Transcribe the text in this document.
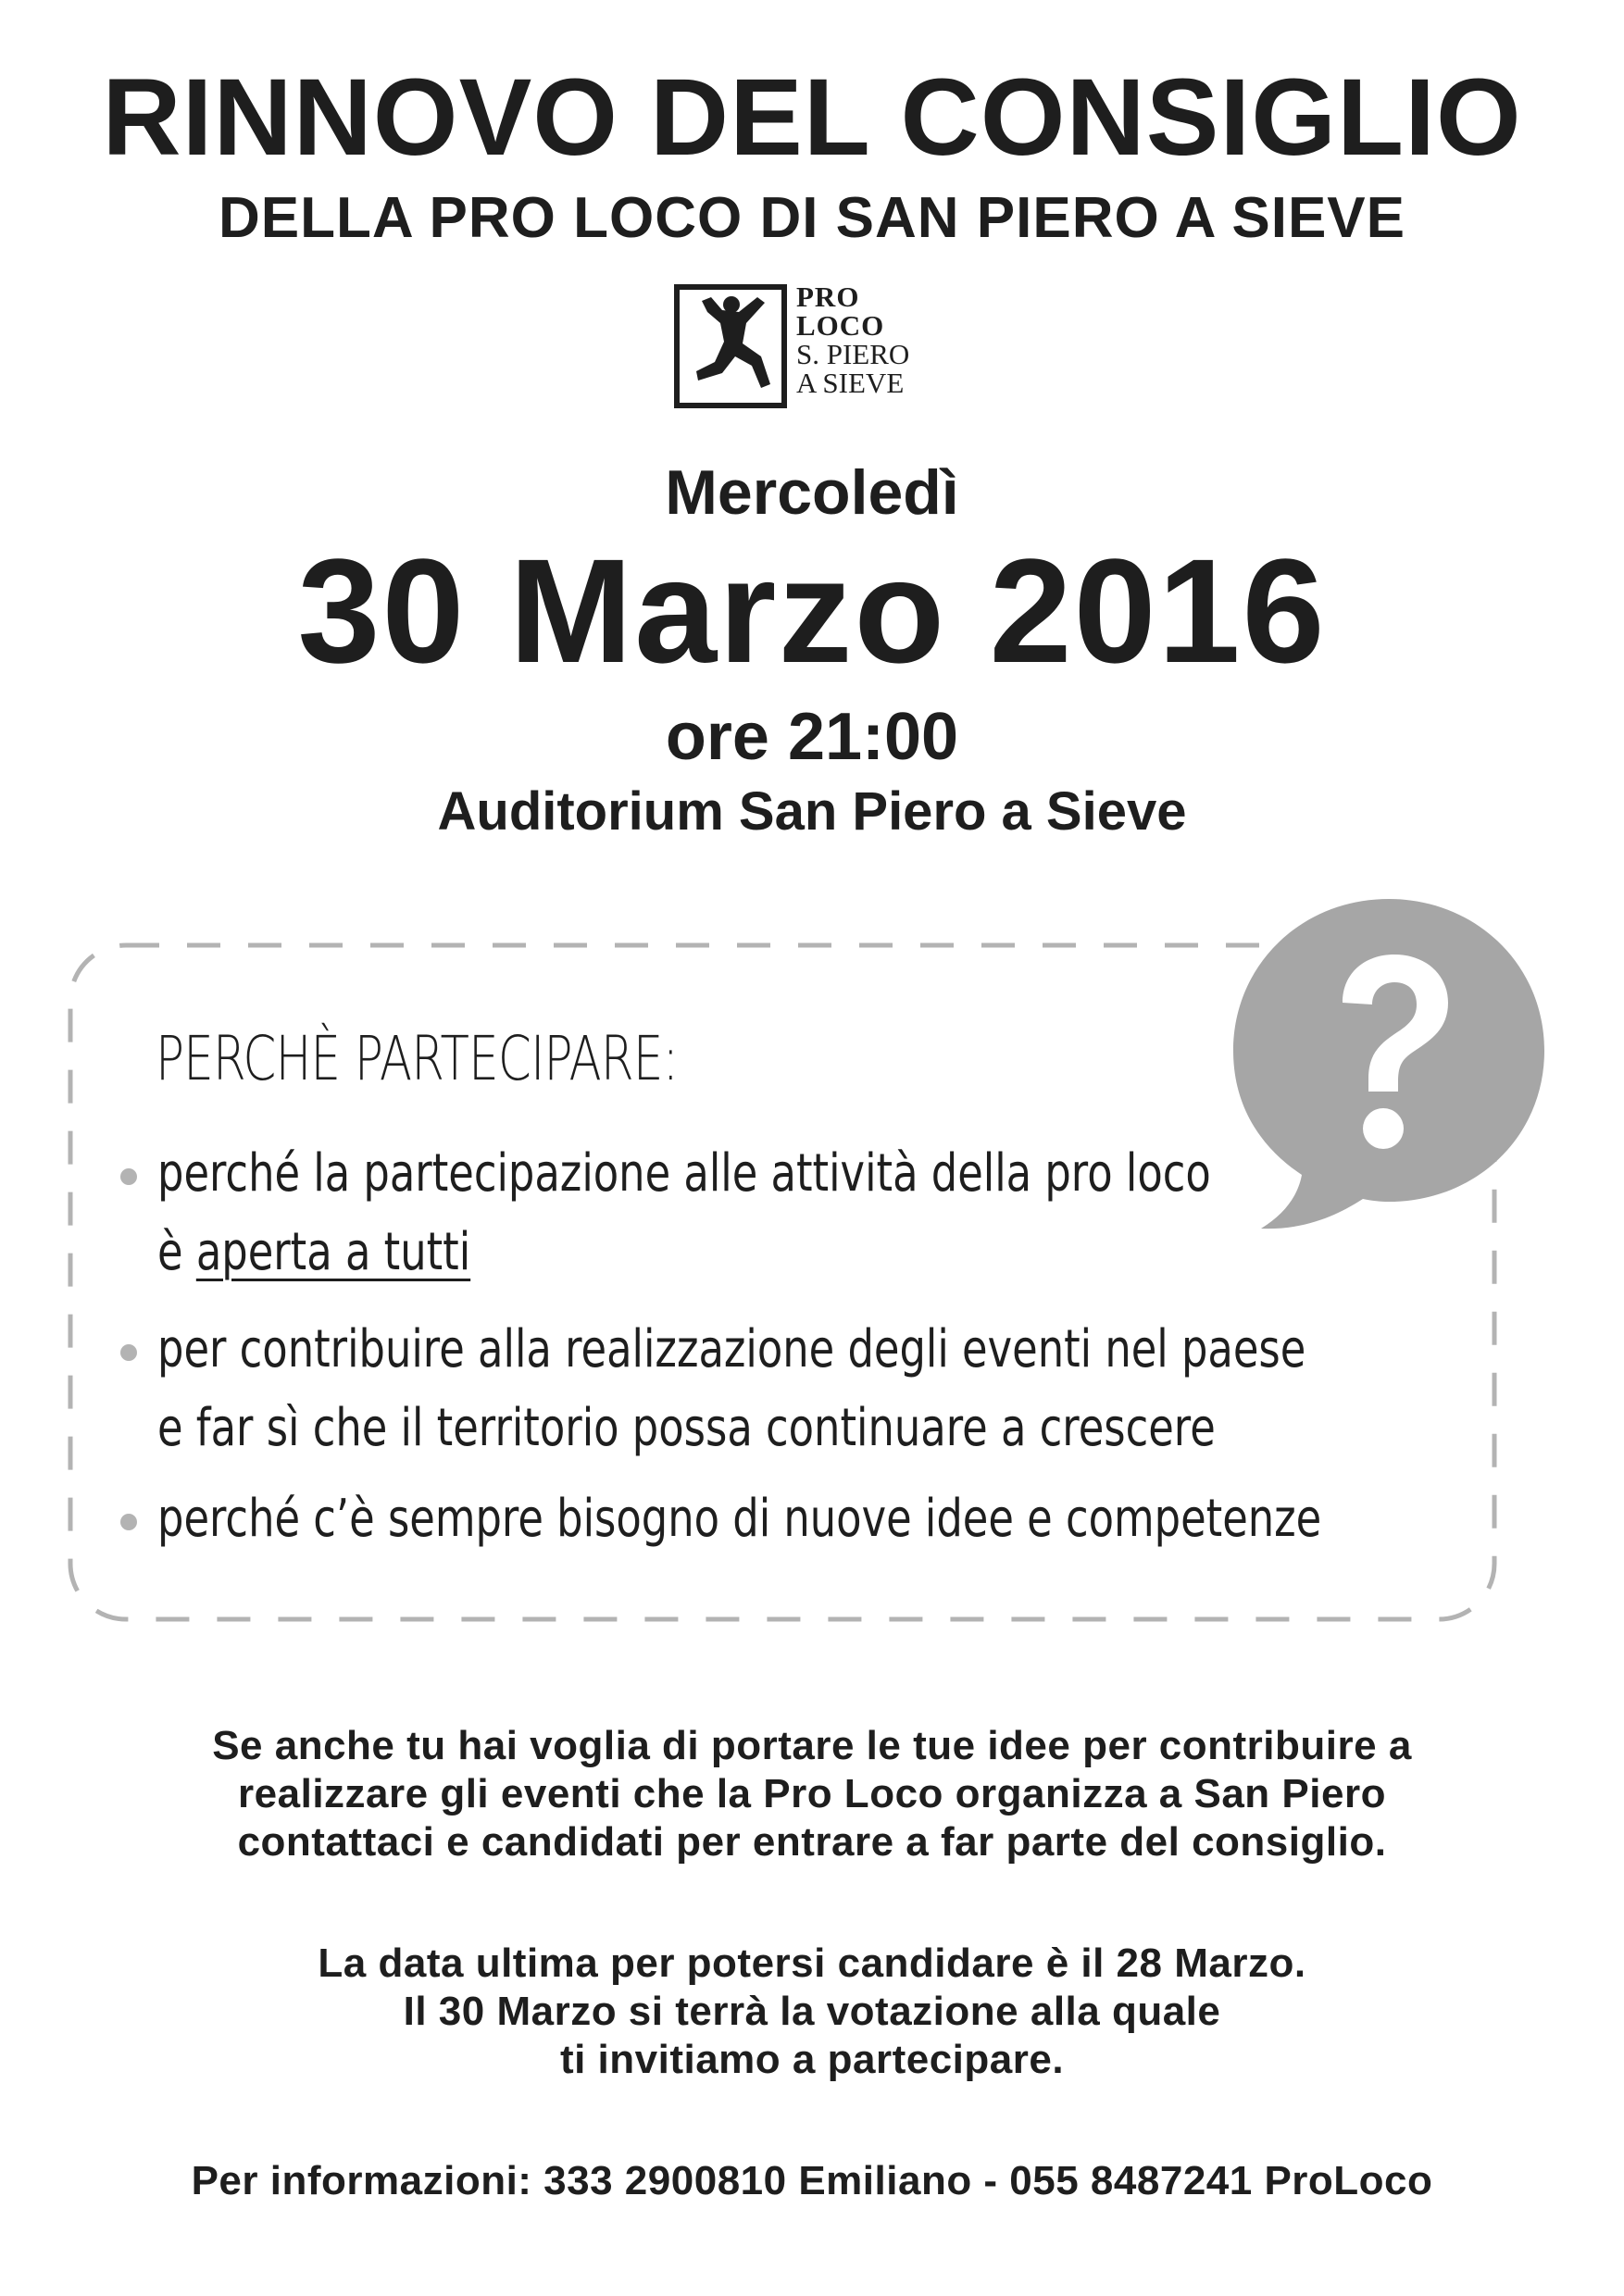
RINNOVO DEL CONSIGLIO
DELLA PRO LOCO DI SAN PIERO A SIEVE
PRO
LOCO
S. PIERO
A SIEVE
Mercoledì
30 Marzo 2016
ore 21:00
Auditorium San Piero a Sieve
PERCHÈ PARTECIPARE:
perché la partecipazione alle attività della pro loco
è aperta a tutti
per contribuire alla realizzazione degli eventi nel paese
e far sì che il territorio possa continuare a crescere
perché c’è sempre bisogno di nuove idee e competenze
Se anche tu hai voglia di portare le tue idee per contribuire a
realizzare gli eventi che la Pro Loco organizza a San Piero
contattaci e candidati per entrare a far parte del consiglio.
La data ultima per potersi candidare è il 28 Marzo.
Il 30 Marzo si terrà la votazione alla quale
ti invitiamo a partecipare.
Per informazioni: 333 2900810 Emiliano - 055 8487241 ProLoco
